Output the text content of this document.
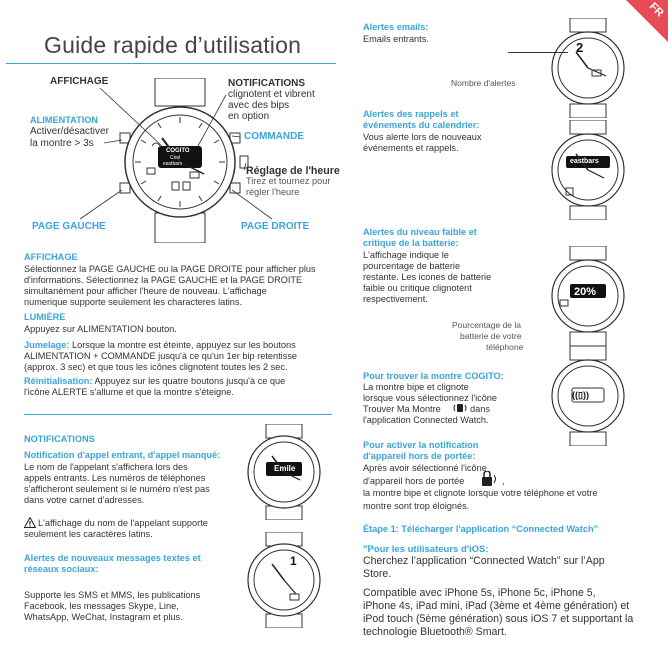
FR
Guide rapide d’utilisation
COGITO
Cool
eastbars
AFFICHAGE	NOTIFICATIONS
clignotent et vibrent
avec des bips
en option
ALIMENTATION
Activer/désactiver
la montre > 3s
COMMANDE
Réglage de l'heure
Tirez et tournez pour
régler l'heure
PAGE GAUCHE	PAGE DROITE
AFFICHAGE
Sélectionnez la PAGE GAUCHE ou la PAGE DROITE pour afficher plus
d'informations. Sélectionnez la PAGE GAUCHE et la PAGE DROITE
simultanément pour afficher l'heure de nouveau. L'affichage
numerique supporte seulement les characteres latins.
LUMIÈRE
Appuyez sur ALIMENTATION bouton.
Jumelage: Lorsque la montre est éteinte, appuyez sur les boutons
ALIMENTATION + COMMANDE jusqu'à ce qu'un 1er bip retentisse
(approx. 3 sec) et que tous les icônes clignotent toutes les 2 sec.
Réinitialisation: Appuyez sur les quatre boutons jusqu'à ce que
l'icône ALERTE s'allume et que la montre s'éteigne.
NOTIFICATIONS
Notification d'appel entrant, d'appel manqué:
Le nom de l'appelant s'affichera lors des
appels entrants. Les numéros de téléphones
s'afficheront seulement si le numéro n'est pas
dans votre carnet d'adresses.
L'affichage du nom de l'appelant supporte
seulement les caractères latins.
Alertes de nouveaux messages textes et
réseaux sociaux:
Supporte les SMS et MMS, les publications
Facebook, les messages Skype, Line,
WhatsApp, WeChat, Instagram et plus.
Emile
1
Alertes emails:
Emails entrants.
2
Nombre d'alertes
Alertes des rappels et
événements du calendrier:
Vous alerte lors de nouveaux
événements et rappels.
eastbars
Alertes du niveau faible et
critique de la batterie:
L'affichage indique le
pourcentage de batterie
restante. Les icones de batterie
faible ou critique clignotent
respectivement.
20%
Pourcentage de la
batterie de votre
téléphone
Pour trouver la montre COGITO:
La montre bipe et clignote
lorsque vous sélectionnez l'icône
Trouver Ma Montre	dans
l'application Connected Watch.
((▯))
Pour activer la notification
d'appareil hors de portée:
Après avoir sélectionné l'icône
d'appareil hors de portée	,
la montre bipe et clignote lorsque votre téléphone et votre
montre sont trop éloignés.
Étape 1: Télécharger l'application “Connected Watch”
"Pour les utilisateurs d'iOS:
Cherchez l’application “Connected Watch” sur l’App
Store.
Compatible avec iPhone 5s, iPhone 5c, iPhone 5,
iPhone 4s, iPad mini, iPad (3ème et 4ème génération) et
iPod touch (5ème génération) sous iOS 7 et supportant la
technologie Bluetooth® Smart.
